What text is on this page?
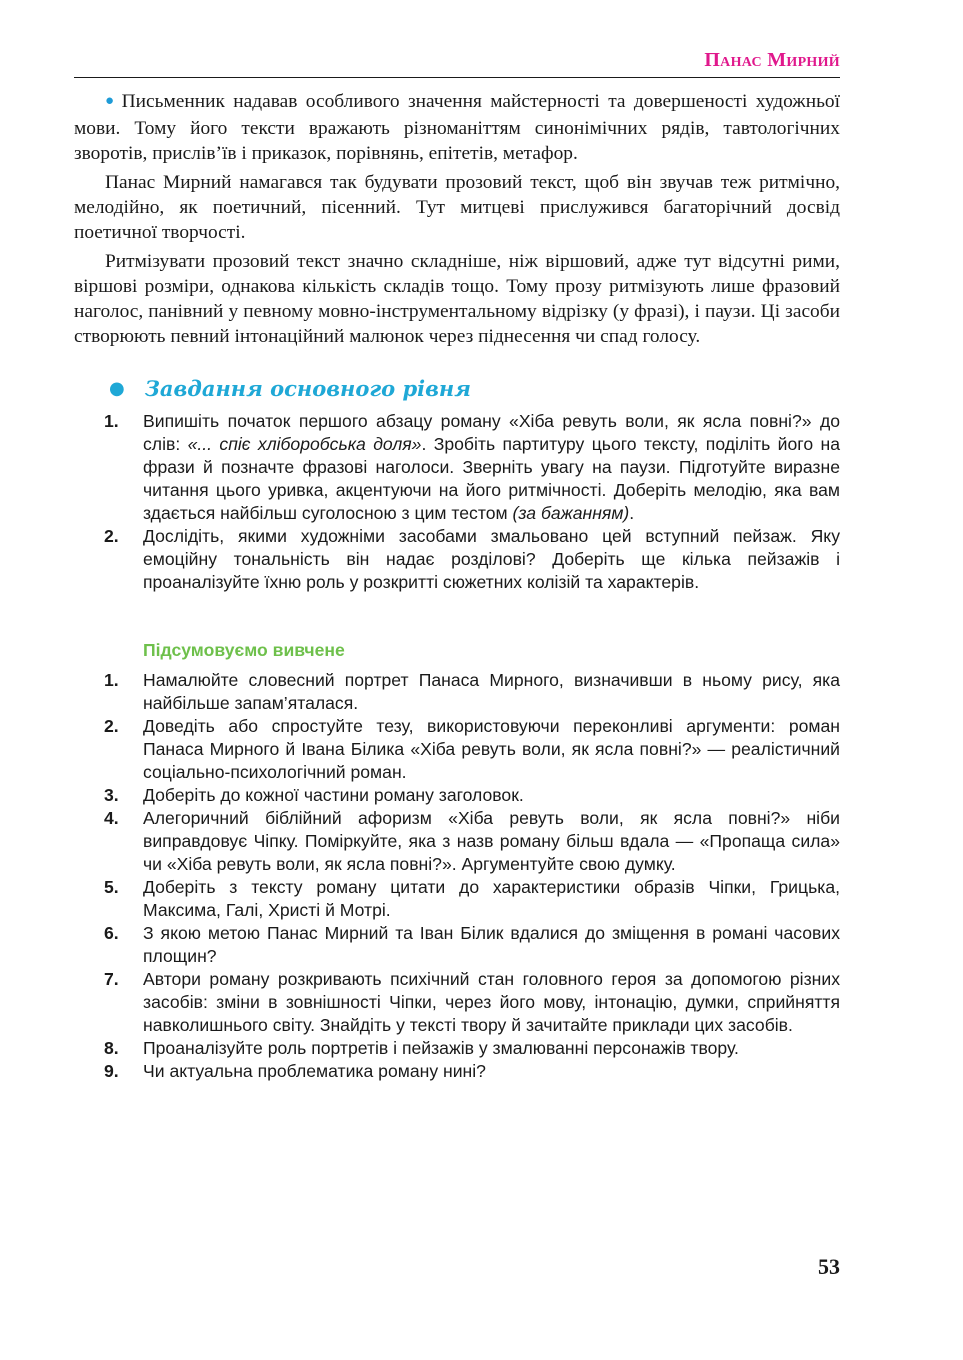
Панас Мирний

● Письменник надавав особливого значення майстерності та довершеності художньої мови. Тому його тексти вражають різноманіттям синонімічних рядів, тавтологічних зворотів, прислів’їв і приказок, порівнянь, епітетів, метафор.

Панас Мирний намагався так будувати прозовий текст, щоб він звучав теж ритмічно, мелодійно, як поетичний, пісенний. Тут митцеві прислужився багаторічний досвід поетичної творчості.

Ритмізувати прозовий текст значно складніше, ніж віршовий, адже тут відсутні рими, віршові розміри, однакова кількість складів тощо. Тому прозу ритмізують лише фразовий наголос, панівний у певному мовно-інструментальному відрізку (у фразі), і паузи. Ці засоби створюють певний інтонаційний малюнок через піднесення чи спад голосу.

● Завдання основного рівня
1.	Випишіть початок першого абзацу роману «Хіба ревуть воли, як ясла повні?» до слів: «... спіє хліборобська доля». Зробіть партитуру цього тексту, поділіть його на фрази й позначте фразові наголоси. Зверніть увагу на паузи. Підготуйте виразне читання цього уривка, акцентуючи на його ритмічності. Доберіть мелодію, яка вам здається найбільш суголосною з цим тестом (за бажанням).
2.	Дослідіть, якими художніми засобами змальовано цей вступний пейзаж. Яку емоційну тональність він надає розділові? Доберіть ще кілька пейзажів і проаналізуйте їхню роль у розкритті сюжетних колізій та характерів.
Підсумовуємо вивчене
1.	Намалюйте словесний портрет Панаса Мирного, визначивши в ньому рису, яка найбільше запам’яталася.
2.	Доведіть або спростуйте тезу, використовуючи переконливі аргументи: роман Панаса Мирного й Івана Білика «Хіба ревуть воли, як ясла повні?» — реалістичний соціально-психологічний роман.
3.	Доберіть до кожної частини роману заголовок.
4.	Алегоричний біблійний афоризм «Хіба ревуть воли, як ясла повні?» ніби виправдовує Чіпку. Поміркуйте, яка з назв роману більш вдала — «Пропаща сила» чи «Хіба ревуть воли, як ясла повні?». Аргументуйте свою думку.
5.	Доберіть з тексту роману цитати до характеристики образів Чіпки, Грицька, Максима, Галі, Христі й Мотрі.
6.	З якою метою Панас Мирний та Іван Білик вдалися до зміщення в романі часових площин?
7.	Автори роману розкривають психічний стан головного героя за допомогою різних засобів: зміни в зовнішності Чіпки, через його мову, інтонацію, думки, сприйняття навколишнього світу. Знайдіть у тексті твору й зачитайте приклади цих засобів.
8.	Проаналізуйте роль портретів і пейзажів у змалюванні персонажів твору.
9.	Чи актуальна проблематика роману нині?
53
